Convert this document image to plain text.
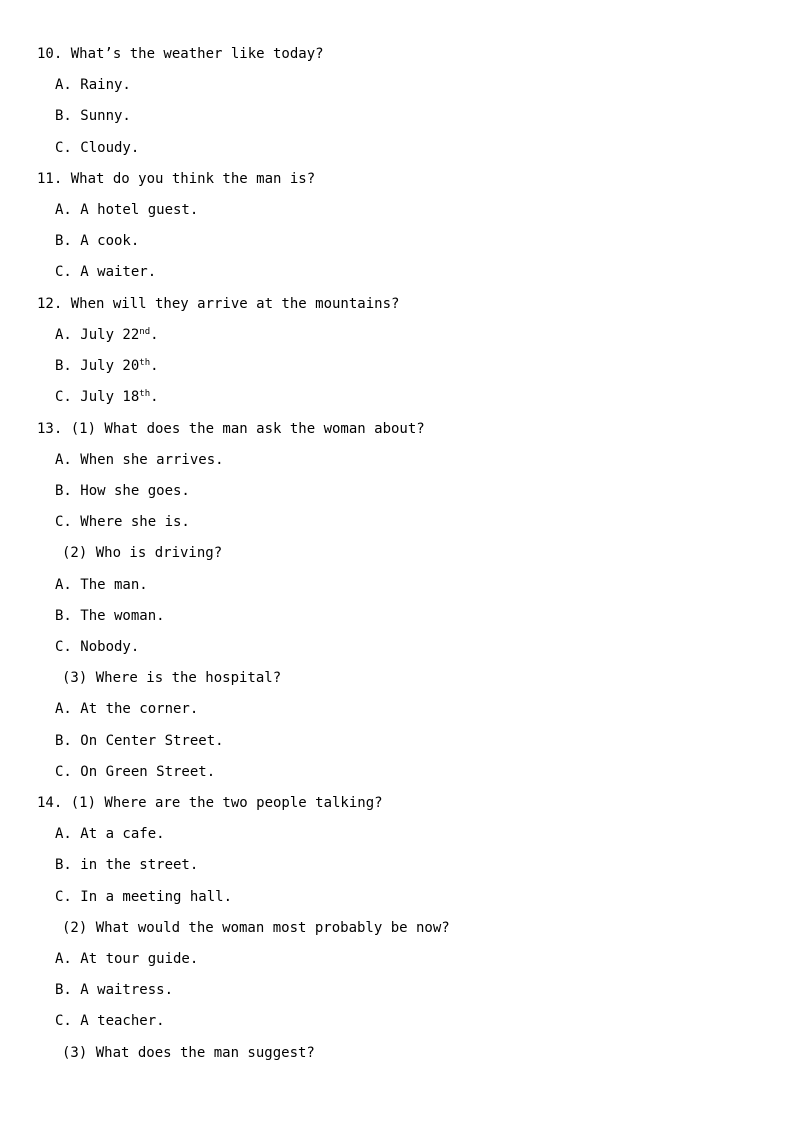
10. What’s the weather like today?
A. Rainy.
B. Sunny.
C. Cloudy.
11. What do you think the man is?
A. A hotel guest.
B. A cook.
C. A waiter.
12. When will they arrive at the mountains?
A. July 22nd.
B. July 20th.
C. July 18th.
13. (1) What does the man ask the woman about?
A. When she arrives.
B. How she goes.
C. Where she is.
(2) Who is driving?
A. The man.
B. The woman.
C. Nobody.
(3) Where is the hospital?
A. At the corner.
B. On Center Street.
C. On Green Street.
14. (1) Where are the two people talking?
A. At a cafe.
B. in the street.
C. In a meeting hall.
(2) What would the woman most probably be now?
A. At tour guide.
B. A waitress.
C. A teacher.
(3) What does the man suggest?
